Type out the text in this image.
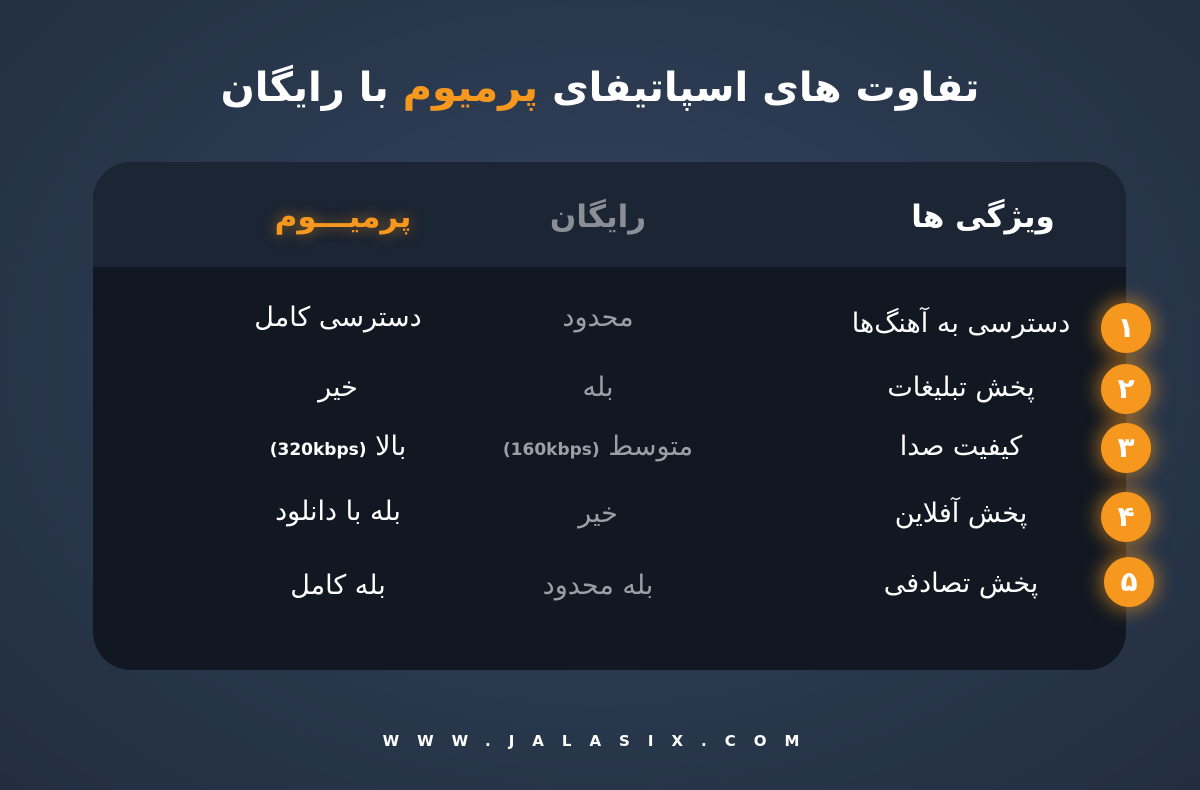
تفاوت های اسپاتیفای پرمیوم با رایگان
ویژگی ها
رایگان
پرمیـــوم
دسترسی به آهنگ‌ها
محدود
دسترسی کامل
پخش تبلیغات
بله
خیر
کیفیت صدا
متوسط (160kbps)
بالا (320kbps)
پخش آفلاین
خیر
بله با دانلود
پخش تصادفی
بله محدود
بله کامل
۱
۲
۳
۴
۵
WWW.JALASIX.COM
